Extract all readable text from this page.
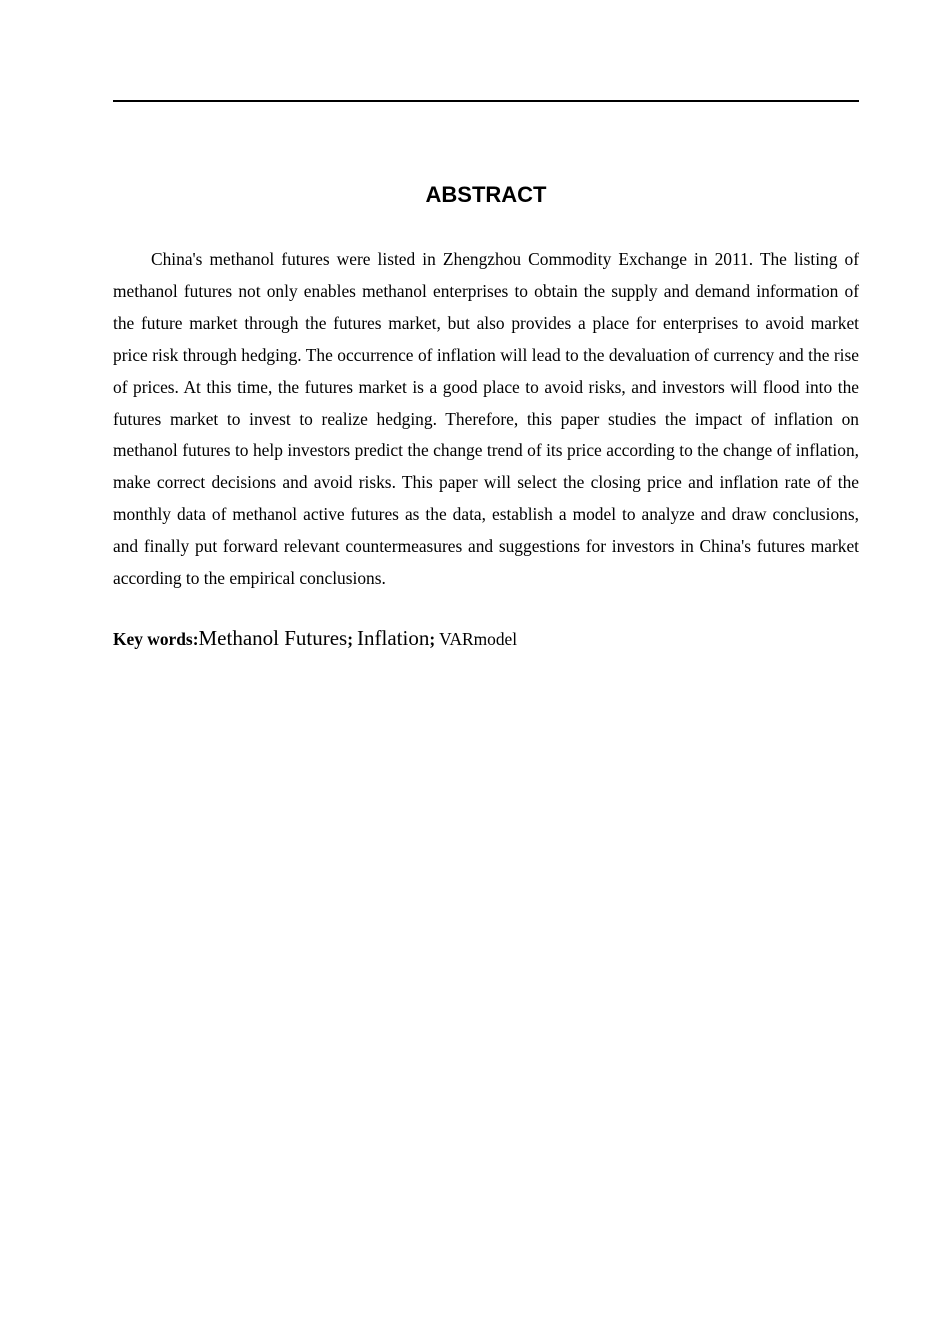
ABSTRACT

China's methanol futures were listed in Zhengzhou Commodity Exchange in 2011. The listing of methanol futures not only enables methanol enterprises to obtain the supply and demand information of the future market through the futures market, but also provides a place for enterprises to avoid market price risk through hedging. The occurrence of inflation will lead to the devaluation of currency and the rise of prices. At this time, the futures market is a good place to avoid risks, and investors will flood into the futures market to invest to realize hedging. Therefore, this paper studies the impact of inflation on methanol futures to help investors predict the change trend of its price according to the change of inflation, make correct decisions and avoid risks. This paper will select the closing price and inflation rate of the monthly data of methanol active futures as the data, establish a model to analyze and draw conclusions, and finally put forward relevant countermeasures and suggestions for investors in China's futures market according to the empirical conclusions.

Key words:Methanol Futures; Inflation; VARmodel
